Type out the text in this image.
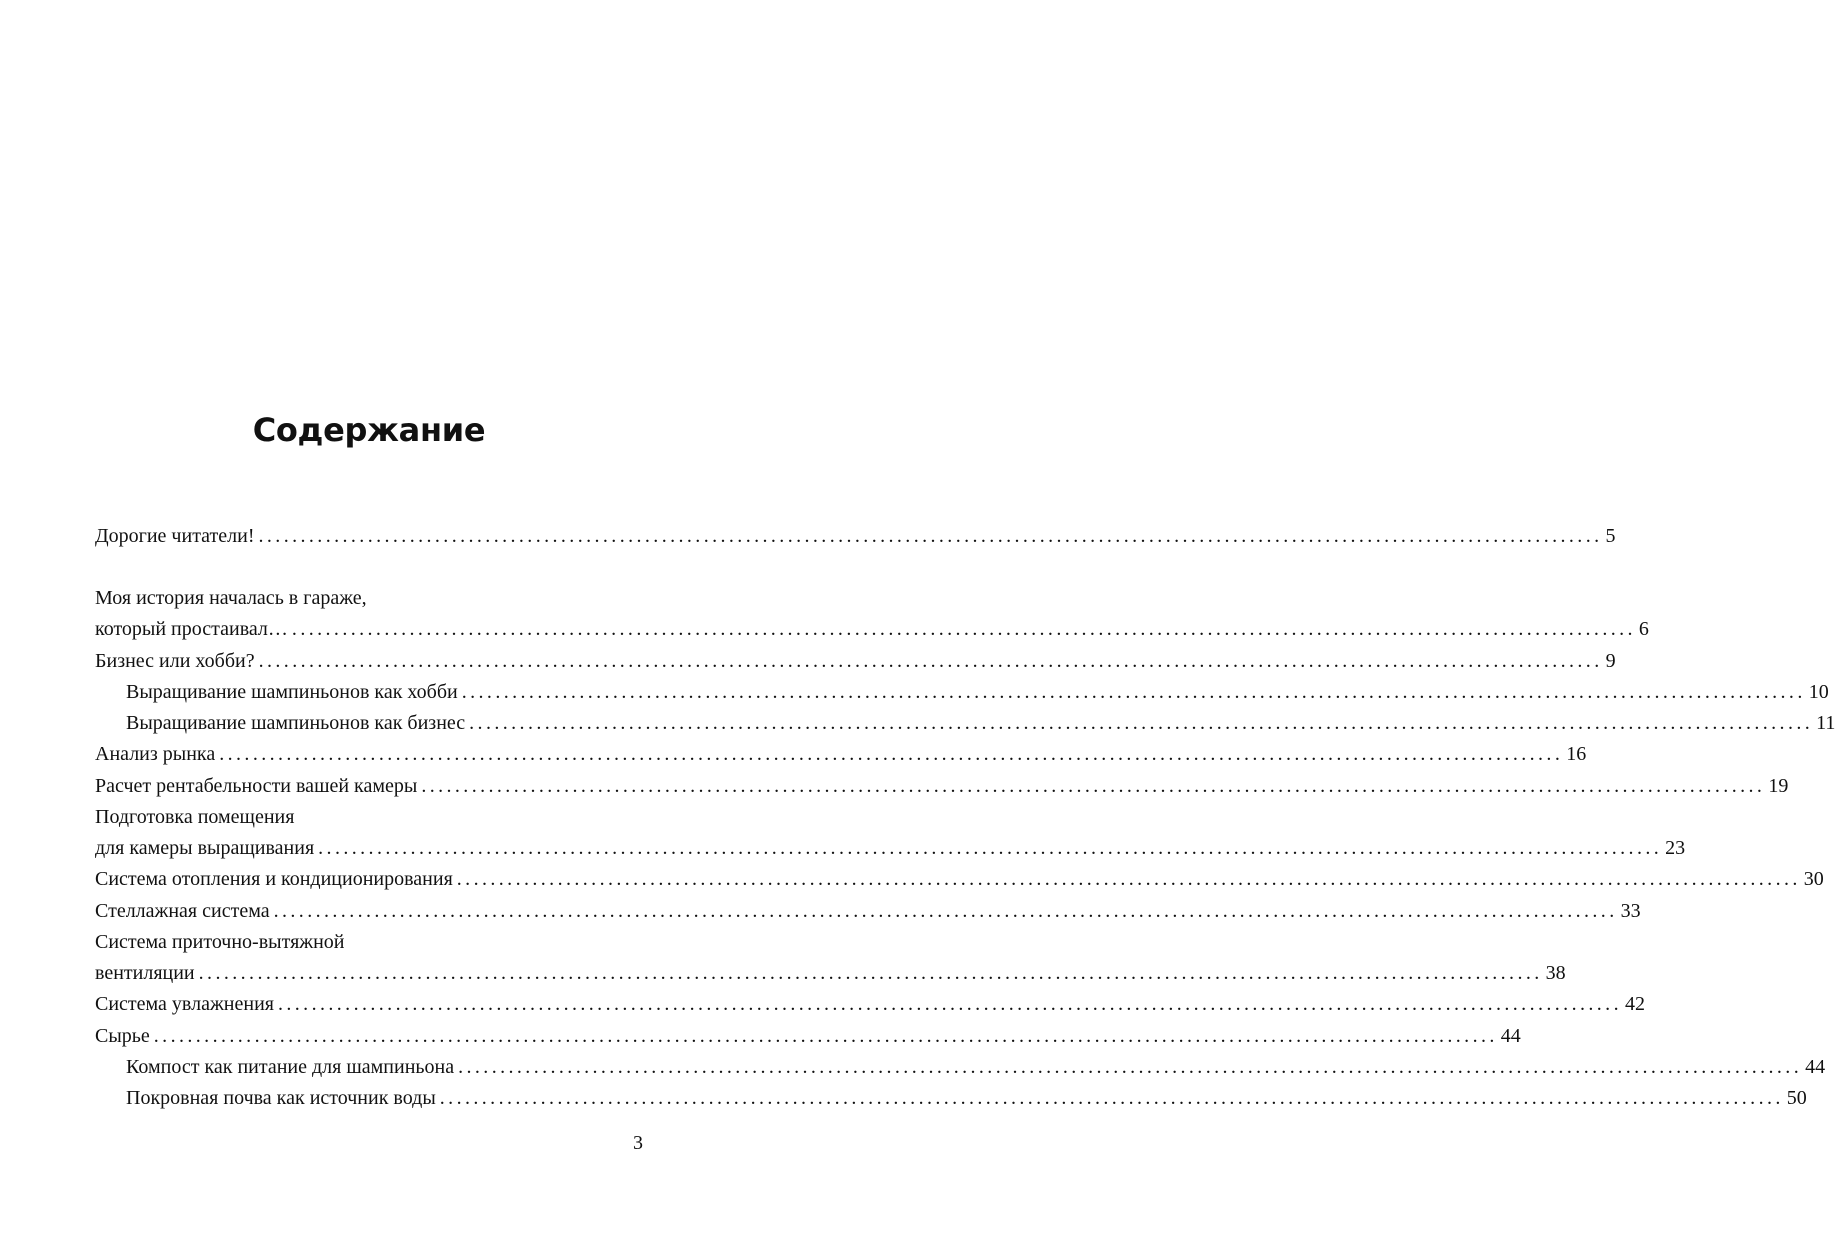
Содержание
Дорогие читатели! ................................................................................................................................................................ 5
Моя история началась в гараже,
который простаивал… ................................................................................................................................................................ 6
Бизнес или хобби? ................................................................................................................................................................ 9
Выращивание шампиньонов как хобби ................................................................................................................................................................ 10
Выращивание шампиньонов как бизнес ................................................................................................................................................................ 11
Анализ рынка ................................................................................................................................................................ 16
Расчет рентабельности вашей камеры ................................................................................................................................................................ 19
Подготовка помещения
для камеры выращивания ................................................................................................................................................................ 23
Система отопления и кондиционирования ................................................................................................................................................................ 30
Стеллажная система ................................................................................................................................................................ 33
Система приточно-вытяжной
вентиляции ................................................................................................................................................................ 38
Система увлажнения ................................................................................................................................................................ 42
Сырье ................................................................................................................................................................ 44
Компост как питание для шампиньона ................................................................................................................................................................ 44
Покровная почва как источник воды ................................................................................................................................................................ 50
3
